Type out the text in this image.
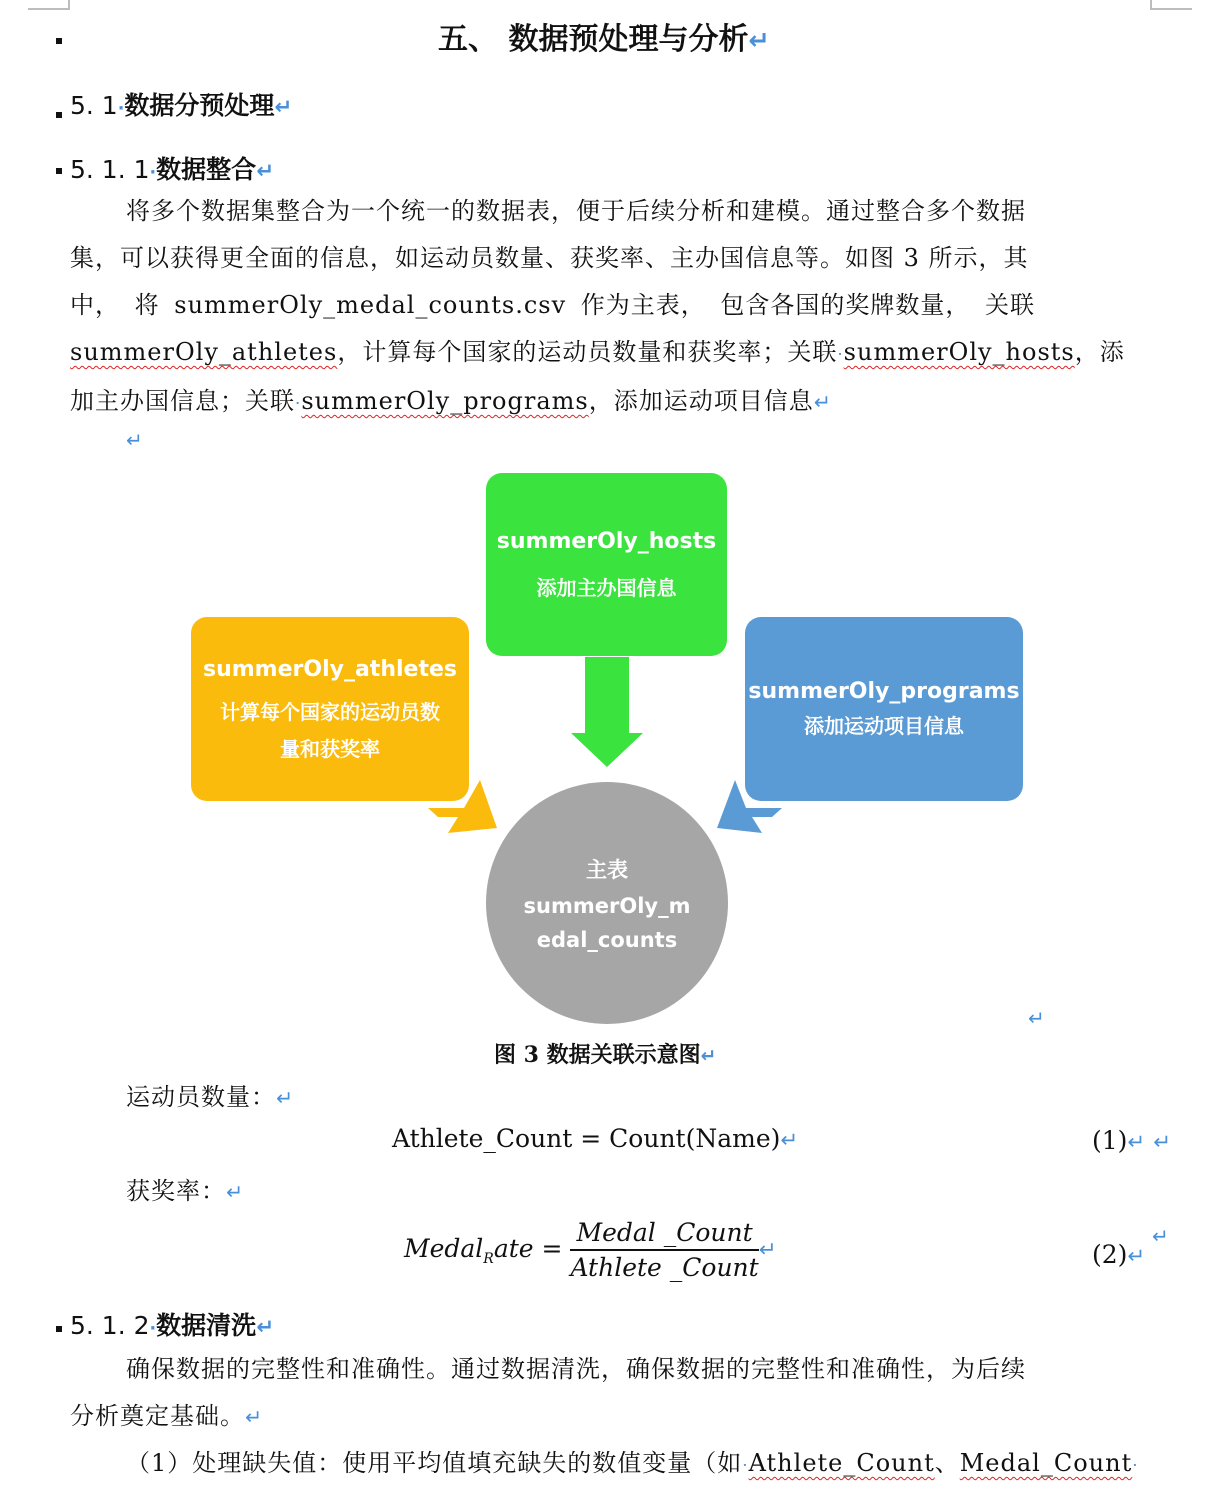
五、 数据预处理与分析↵
5. 1·数据分预处理↵
5. 1. 1·数据整合↵
将多个数据集整合为一个统一的数据表，便于后续分析和建模。通过整合多个数据
集，可以获得更全面的信息，如运动员数量、获奖率、主办国信息等。如图 3 所示，其
中， 将 summerOly_medal_counts.csv 作为主表， 包含各国的奖牌数量， 关联
summerOly_athletes，计算每个国家的运动员数量和获奖率；关联·summerOly_hosts，添
加主办国信息；关联·summerOly_programs，添加运动项目信息↵
↵
summerOly_hosts
添加主办国信息
summerOly_athletes
计算每个国家的运动员数
量和获奖率
summerOly_programs
添加运动项目信息
主表
summerOly_m
edal_counts
↵
图 3 数据关联示意图↵
运动员数量：↵
Athlete_Count = Count(Name)↵	(1)↵ ↵
获奖率：↵
Medal$_R$ate = $\frac{\text{Medal \_Count}}{\text{Athlete \_Count}}$ ↵
↵
(2)↵
5. 1. 2·数据清洗↵
确保数据的完整性和准确性。通过数据清洗，确保数据的完整性和准确性，为后续
分析奠定基础。↵
（1）处理缺失值：使用平均值填充缺失的数值变量（如·Athlete_Count、Medal_Count·
